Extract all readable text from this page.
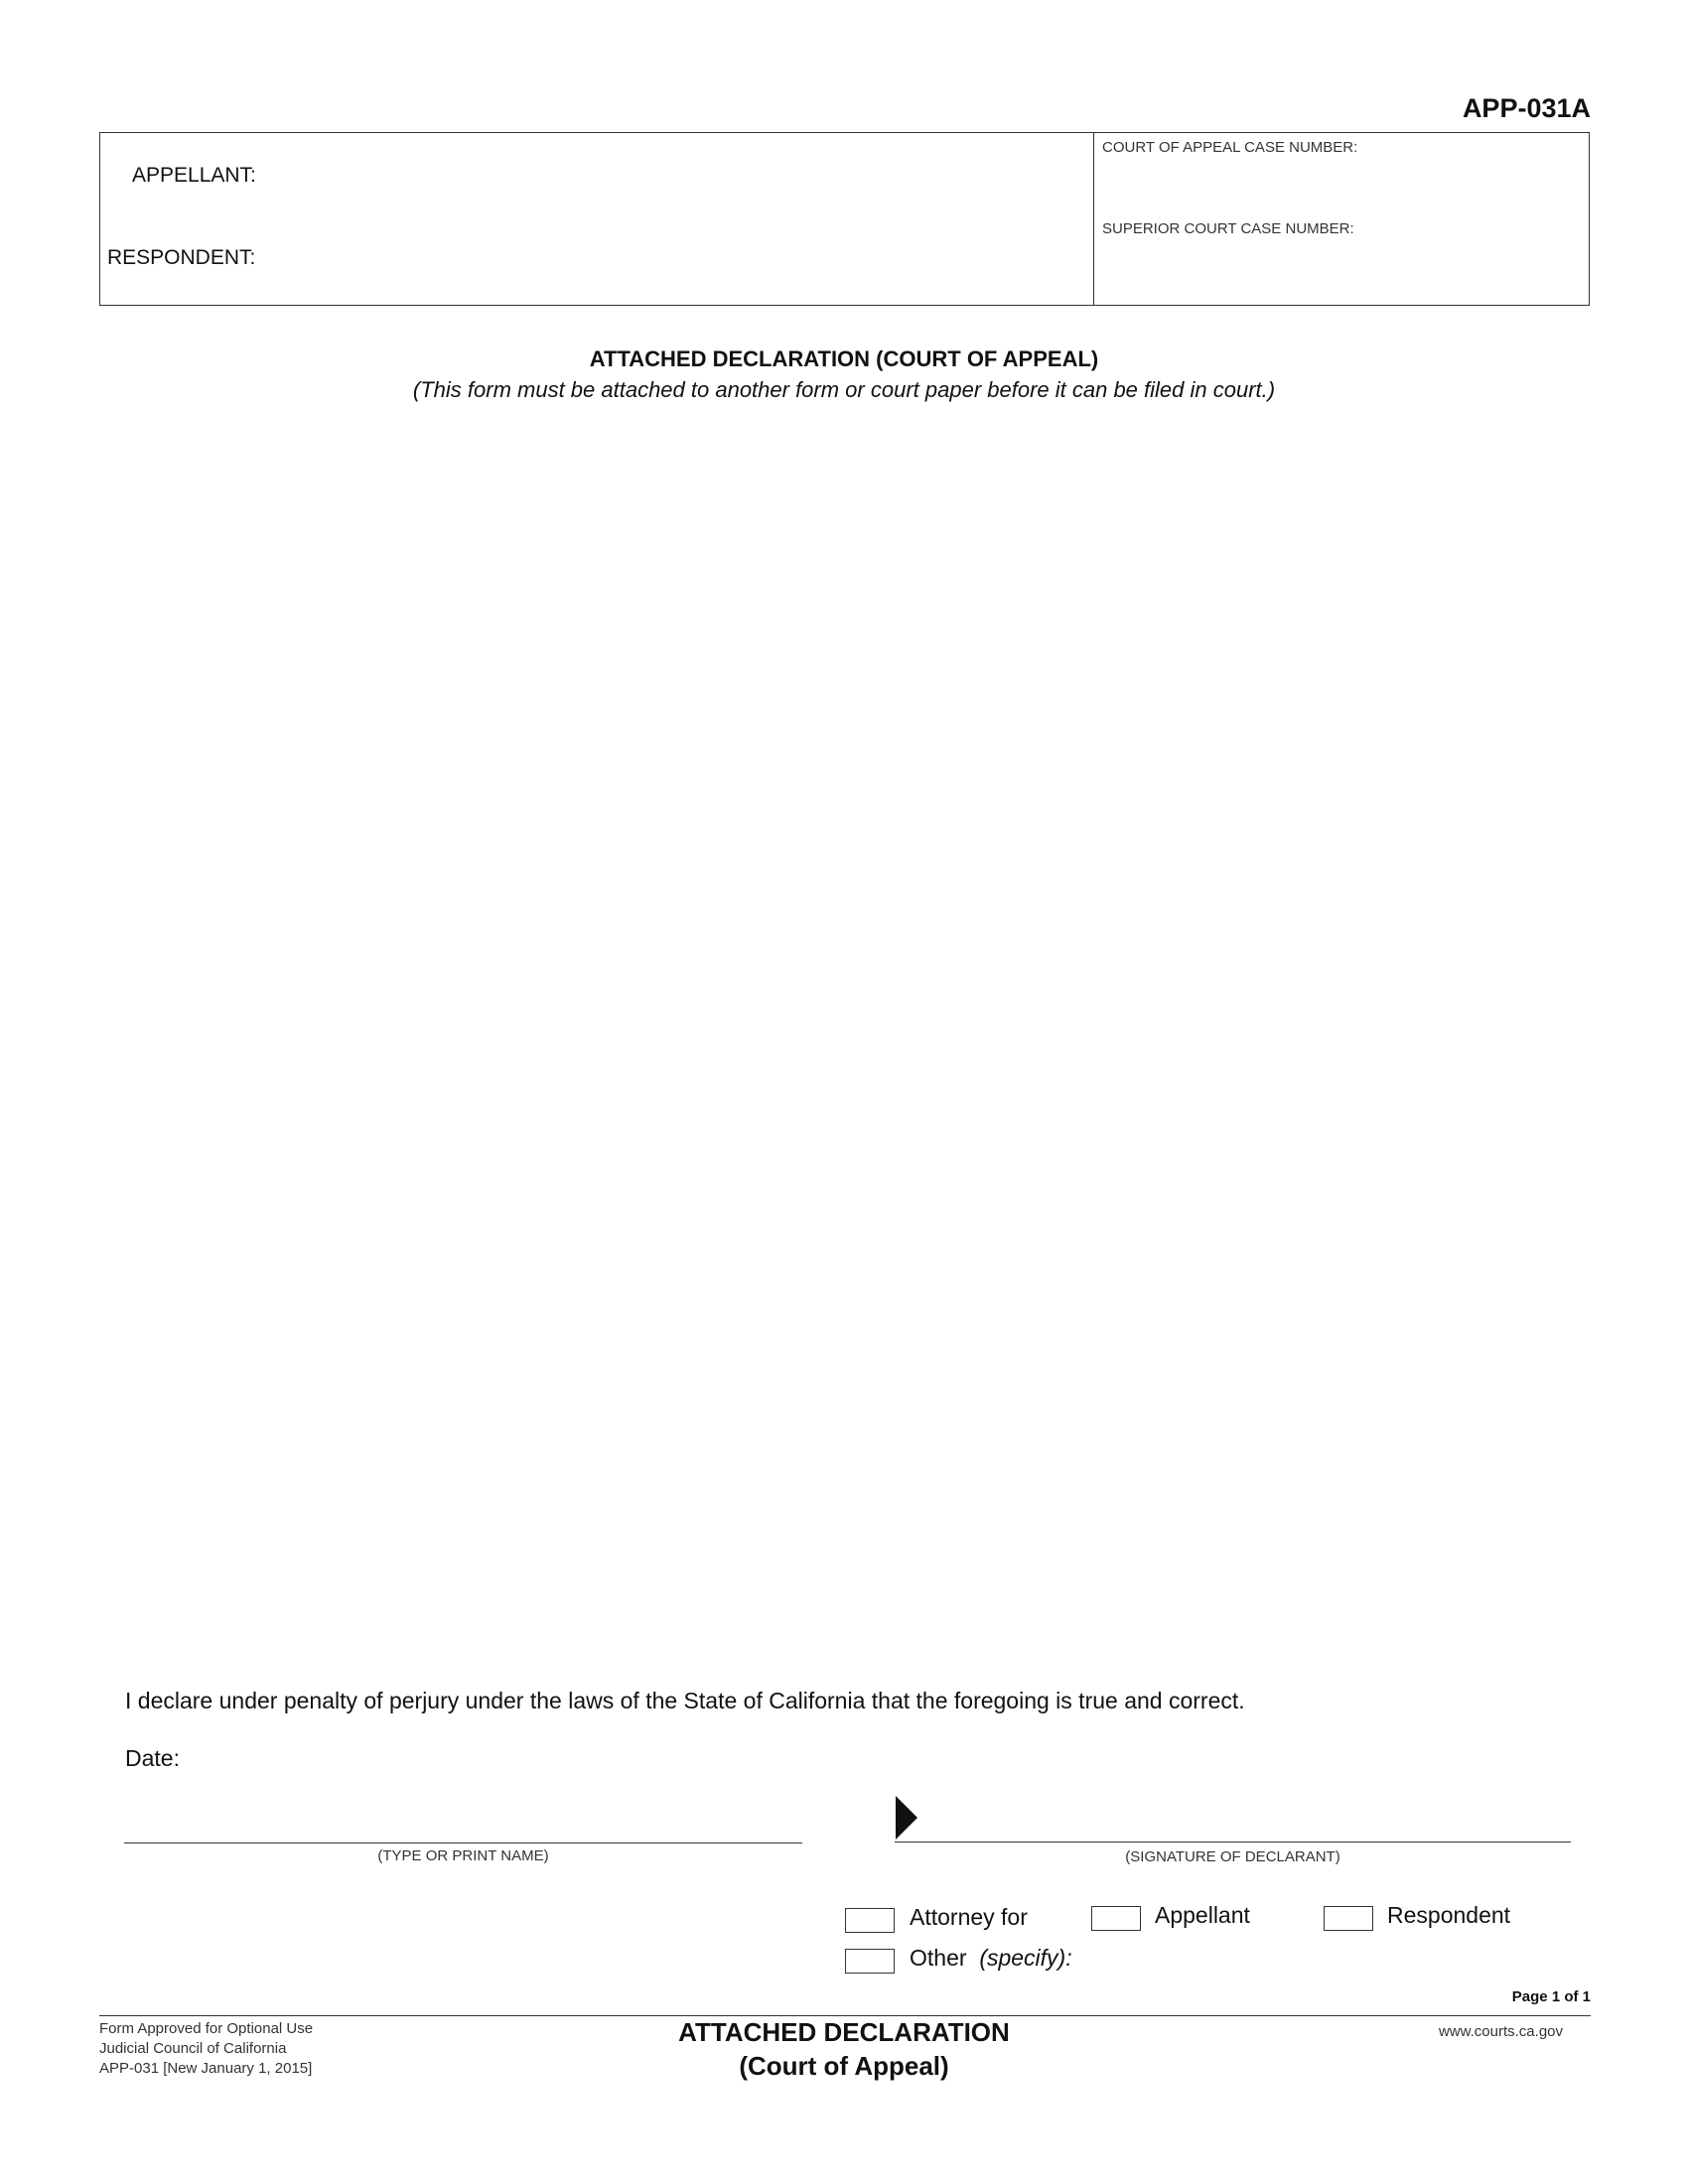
APP-031A
APPELLANT:
RESPONDENT:
COURT OF APPEAL CASE NUMBER:
SUPERIOR COURT CASE NUMBER:
ATTACHED DECLARATION (COURT OF APPEAL)
(This form must be attached to another form or court paper before it can be filed in court.)
I declare under penalty of perjury under the laws of the State of California that the foregoing is true and correct.
Date:
(TYPE OR PRINT NAME)	(SIGNATURE OF DECLARANT)
Attorney for	Appellant	Respondent
Other (specify):
Page 1 of 1
Form Approved for Optional Use
Judicial Council of California
APP-031 [New January 1, 2015]
ATTACHED DECLARATION
(Court of Appeal)
www.courts.ca.gov
